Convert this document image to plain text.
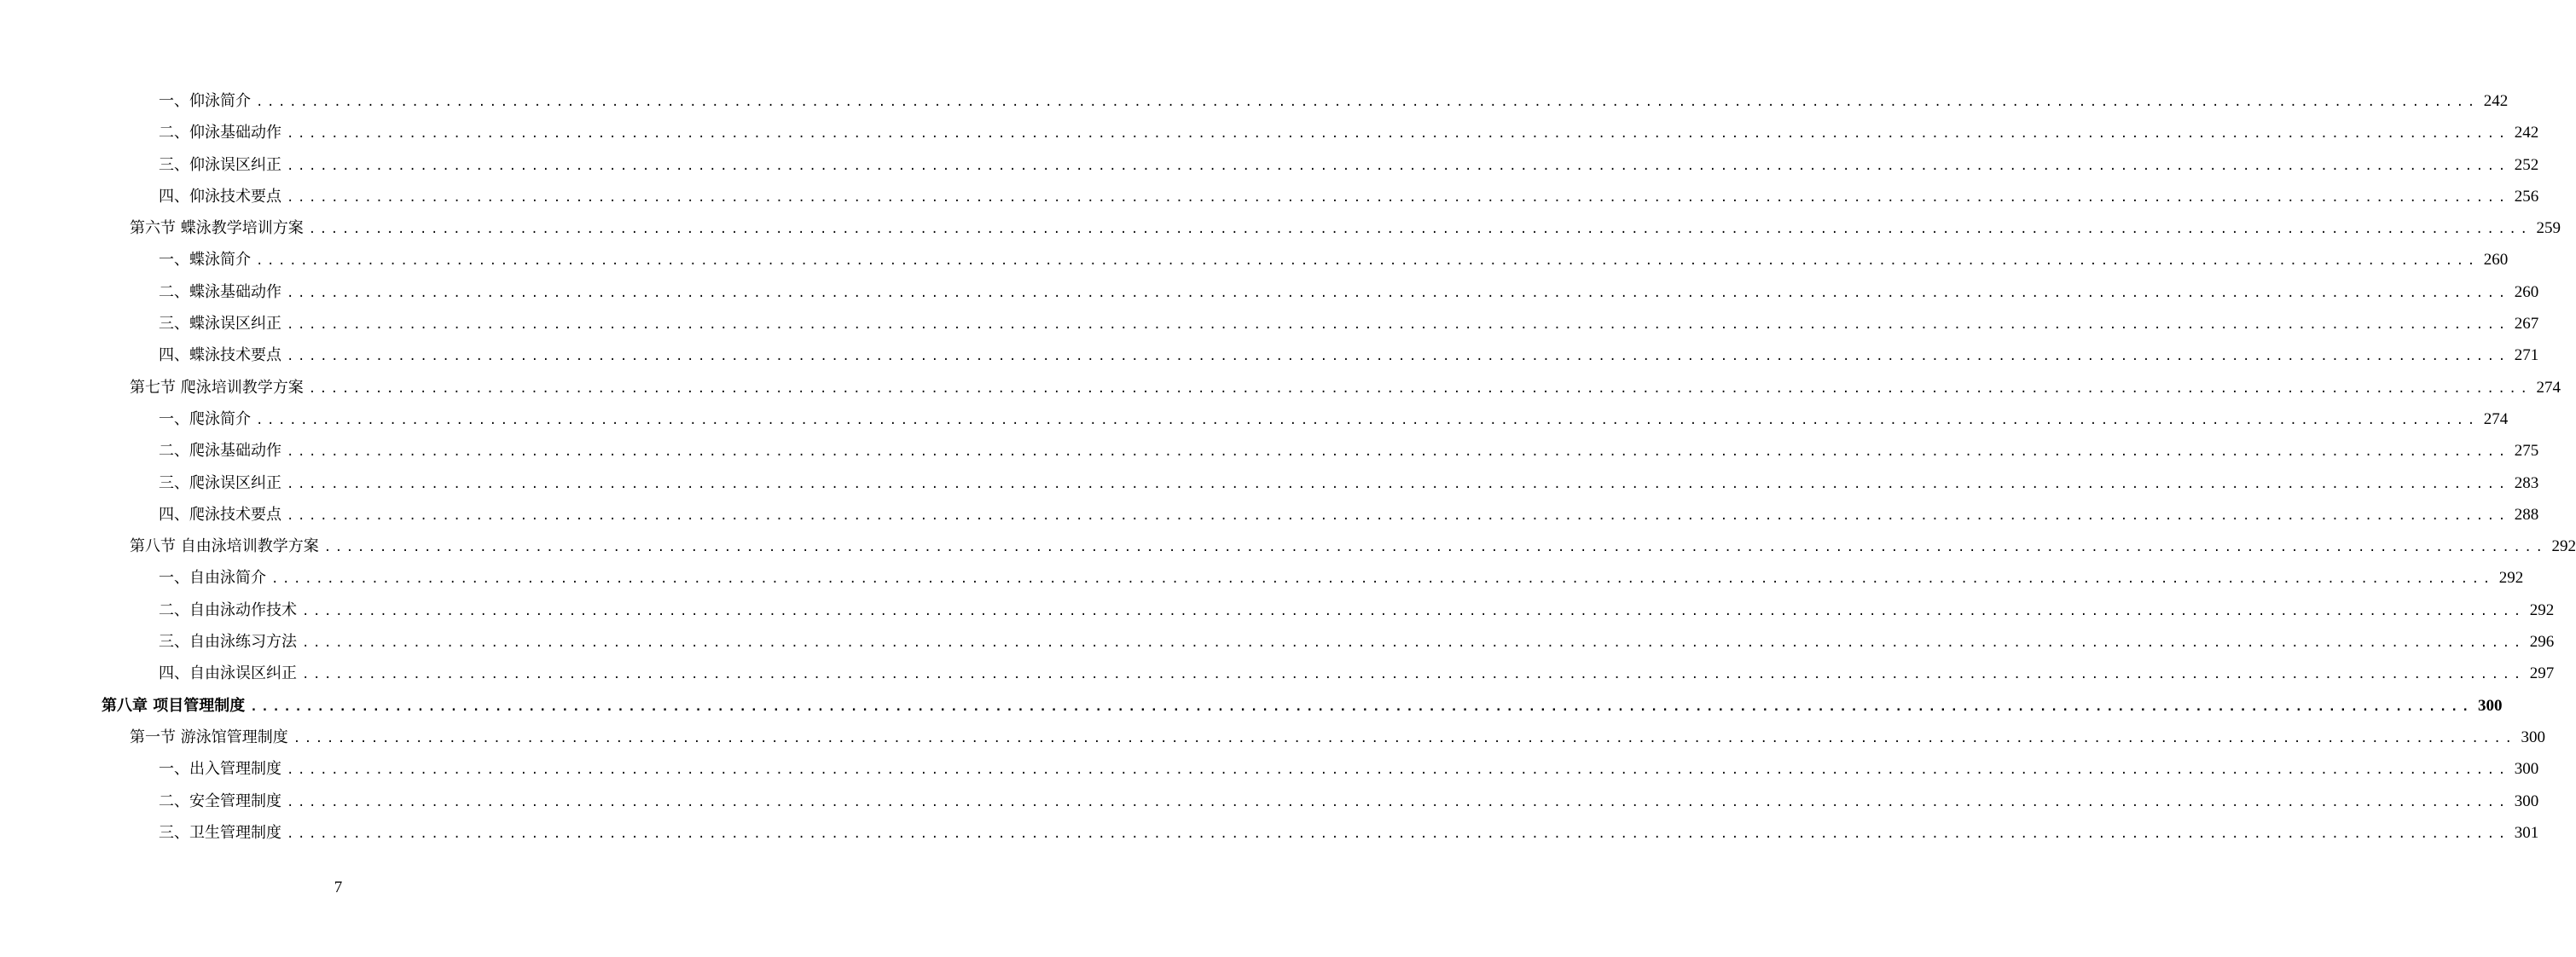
一、仰泳简介 ........................................................................................................................................................................................................ 242
二、仰泳基础动作 ........................................................................................................................................................................................................ 242
三、仰泳误区纠正 ........................................................................................................................................................................................................ 252
四、仰泳技术要点 ........................................................................................................................................................................................................ 256
第六节 蝶泳教学培训方案 ........................................................................................................................................................................................................ 259
一、蝶泳简介 ........................................................................................................................................................................................................ 260
二、蝶泳基础动作 ........................................................................................................................................................................................................ 260
三、蝶泳误区纠正 ........................................................................................................................................................................................................ 267
四、蝶泳技术要点 ........................................................................................................................................................................................................ 271
第七节 爬泳培训教学方案 ........................................................................................................................................................................................................ 274
一、爬泳简介 ........................................................................................................................................................................................................ 274
二、爬泳基础动作 ........................................................................................................................................................................................................ 275
三、爬泳误区纠正 ........................................................................................................................................................................................................ 283
四、爬泳技术要点 ........................................................................................................................................................................................................ 288
第八节 自由泳培训教学方案 ........................................................................................................................................................................................................ 292
一、自由泳简介 ........................................................................................................................................................................................................ 292
二、自由泳动作技术 ........................................................................................................................................................................................................ 292
三、自由泳练习方法 ........................................................................................................................................................................................................ 296
四、自由泳误区纠正 ........................................................................................................................................................................................................ 297
第八章 项目管理制度 ........................................................................................................................................................................................................ 300
第一节 游泳馆管理制度 ........................................................................................................................................................................................................ 300
一、出入管理制度 ........................................................................................................................................................................................................ 300
二、安全管理制度 ........................................................................................................................................................................................................ 300
三、卫生管理制度 ........................................................................................................................................................................................................ 301
7
